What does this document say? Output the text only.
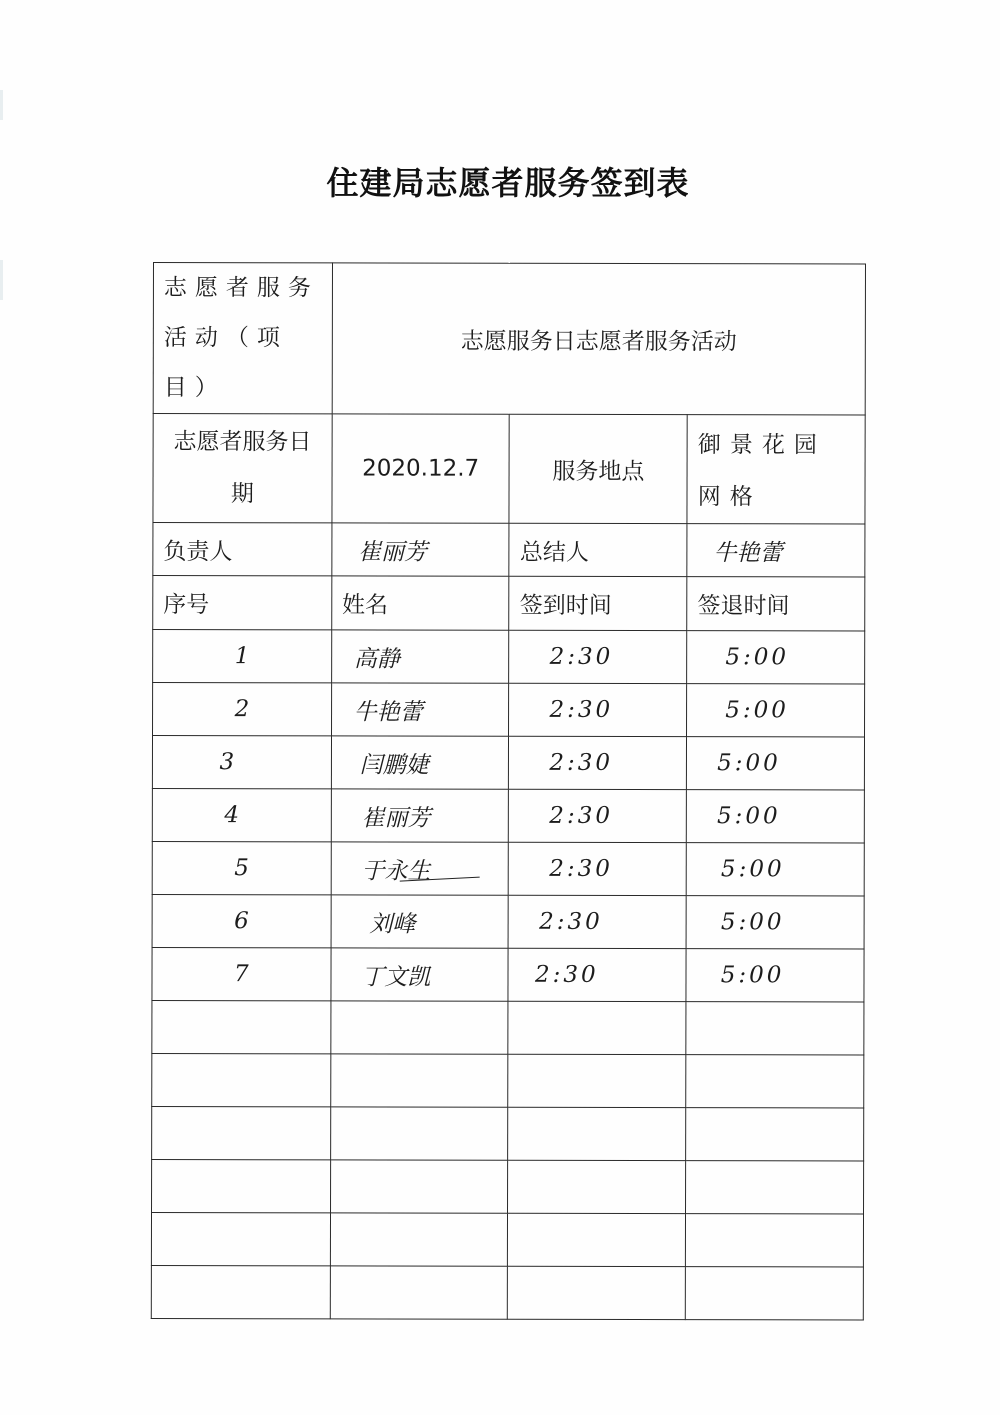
住建局志愿者服务签到表
志愿者服务活动（项目）	志愿服务日志愿者服务活动		
志愿者服务日期	2020.12.7	服务地点	御景花园网格
负责人	崔丽芳	总结人	牛艳蕾
序号	姓名	签到时间	签退时间
1	高静	2:30	5:00
2	牛艳蕾	2:30	5:00
3	闫鹏婕	2:30	5:00
4	崔丽芳	2:30	5:00
5	于永生	2:30	5:00
6	刘峰	2:30	5:00
7	丁文凯	2:30	5:00
